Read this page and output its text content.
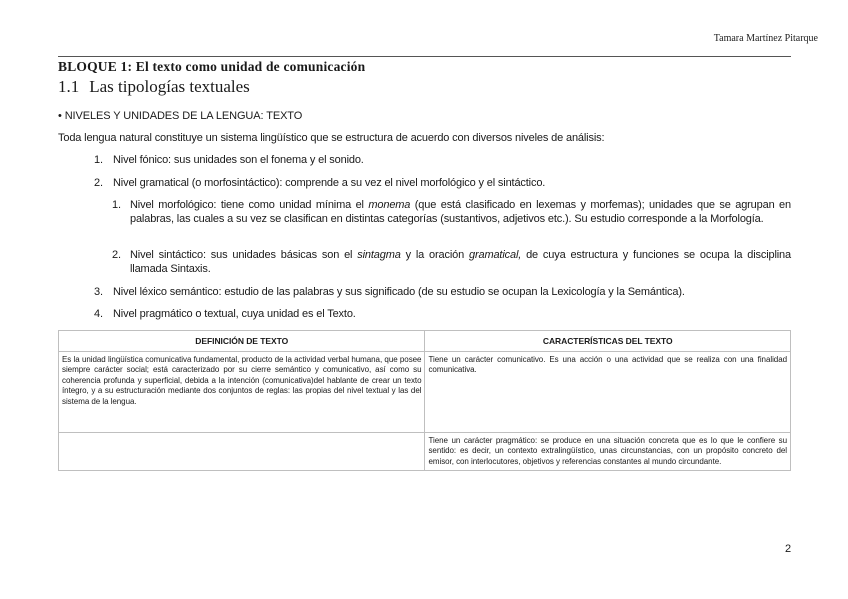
Tamara Martínez Pitarque
BLOQUE 1: El texto como unidad de comunicación
1.1 Las tipologías textuales
• NIVELES Y UNIDADES DE LA LENGUA: TEXTO
Toda lengua natural constituye un sistema lingüístico que se estructura de acuerdo con diversos niveles de análisis:
1. Nivel fónico: sus unidades son el fonema y el sonido.
2. Nivel gramatical (o morfosintáctico): comprende a su vez el nivel morfológico y el sintáctico.
1. Nivel morfológico: tiene como unidad mínima el monema (que está clasificado en lexemas y morfemas); unidades que se agrupan en palabras, las cuales a su vez se clasifican en distintas categorías (sustantivos, adjetivos etc.). Su estudio corresponde a la Morfología.
2. Nivel sintáctico: sus unidades básicas son el sintagma y la oración gramatical, de cuya estructura y funciones se ocupa la disciplina llamada Sintaxis.
3. Nivel léxico semántico: estudio de las palabras y sus significado (de su estudio se ocupan la Lexicología y la Semántica).
4. Nivel pragmático o textual, cuya unidad es el Texto.
DEFINICIÓN DE TEXTO	CARACTERÍSTICAS DEL TEXTO
Es la unidad lingüística comunicativa fundamental, producto de la actividad verbal humana, que posee siempre carácter social; está caracterizado por su cierre semántico y comunicativo, así como su coherencia profunda y superficial, debida a la intención (comunicativa)del hablante de crear un texto íntegro, y a su estructuración mediante dos conjuntos de reglas: las propias del nivel textual y las del sistema de la lengua.	Tiene un carácter comunicativo. Es una acción o una actividad que se realiza con una finalidad comunicativa.
	Tiene un carácter pragmático: se produce en una situación concreta que es lo que le confiere su sentido: es decir, un contexto extralingüístico, unas circunstancias, con un propósito concreto del emisor, con interlocutores, objetivos y referencias constantes al mundo circundante.
2
